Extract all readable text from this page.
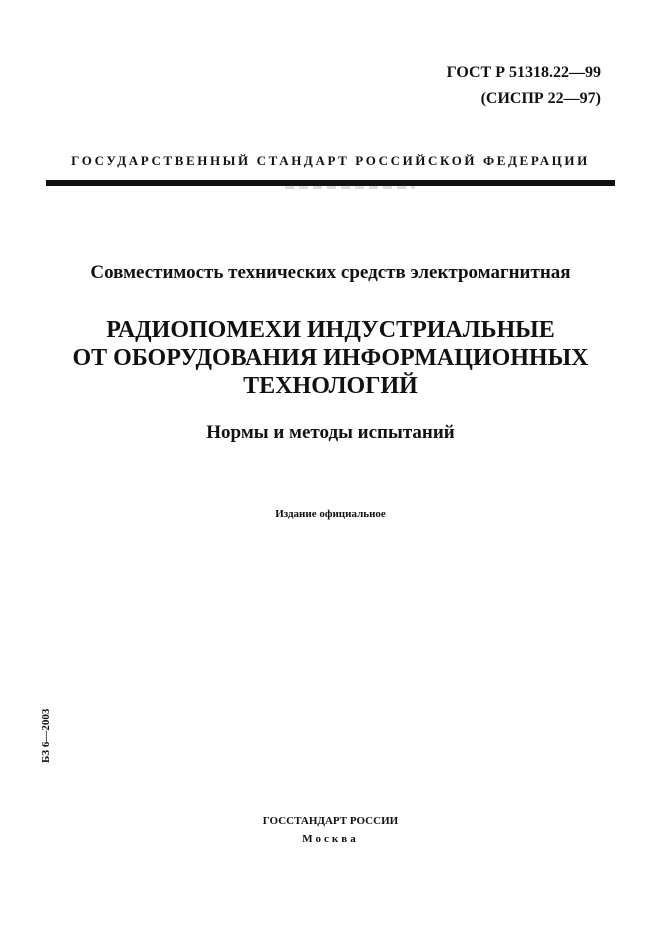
ГОСТ Р 51318.22—99
(СИСПР 22—97)
ГОСУДАРСТВЕННЫЙ СТАНДАРТ РОССИЙСКОЙ ФЕДЕРАЦИИ
Совместимость технических средств электромагнитная
РАДИОПОМЕХИ ИНДУСТРИАЛЬНЫЕ
ОТ ОБОРУДОВАНИЯ ИНФОРМАЦИОННЫХ
ТЕХНОЛОГИЙ
Нормы и методы испытаний
Издание официальное
БЗ 6—2003
ГОССТАНДАРТ РОССИИ
Москва
